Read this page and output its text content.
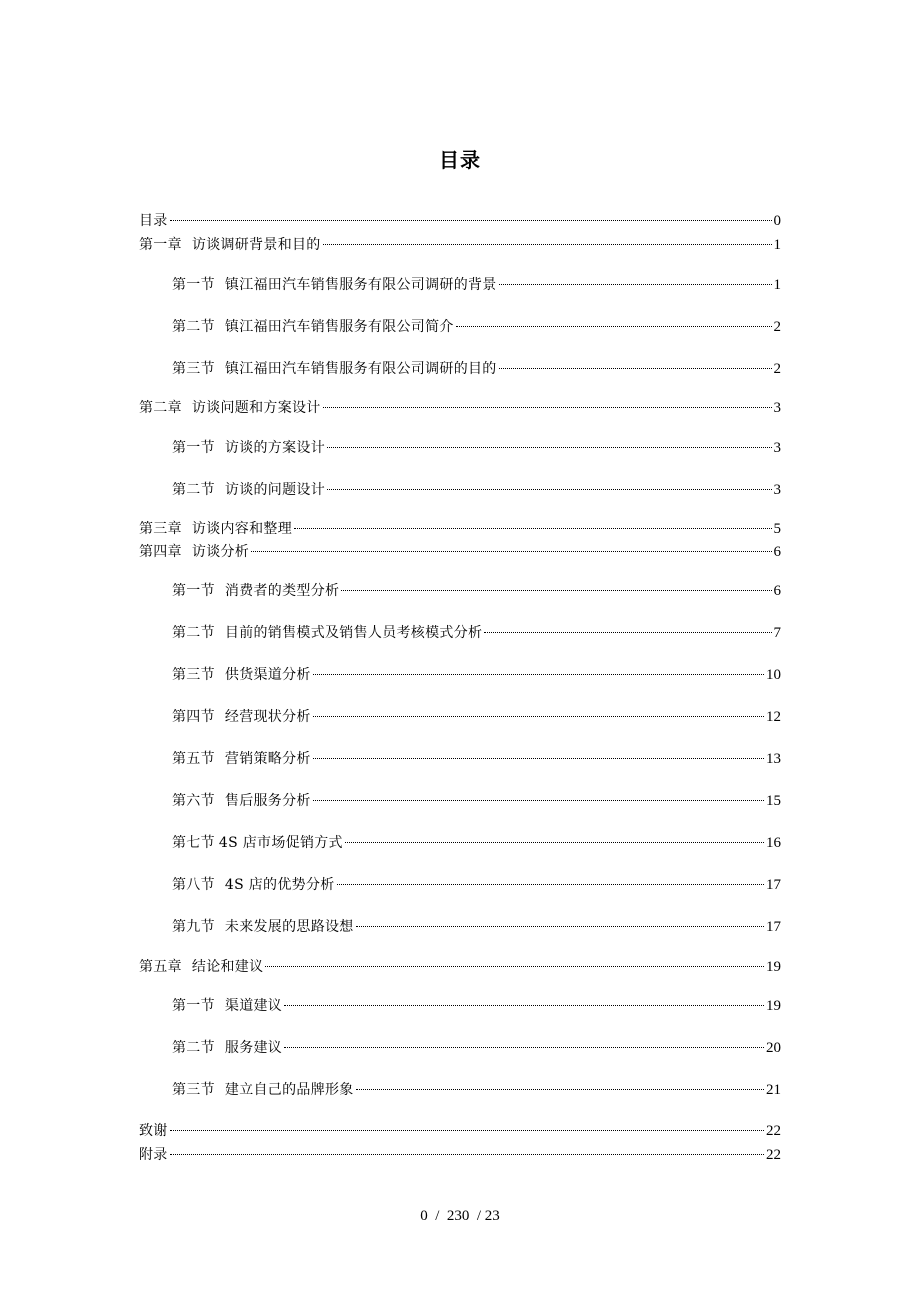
目录
目录	0
第一章 访谈调研背景和目的	1
第一节 镇江福田汽车销售服务有限公司调研的背景	1
第二节 镇江福田汽车销售服务有限公司简介	2
第三节 镇江福田汽车销售服务有限公司调研的目的	2
第二章 访谈问题和方案设计	3
第一节 访谈的方案设计	3
第二节 访谈的问题设计	3
第三章 访谈内容和整理	5
第四章 访谈分析	6
第一节 消费者的类型分析	6
第二节 目前的销售模式及销售人员考核模式分析	7
第三节 供货渠道分析	10
第四节 经营现状分析	12
第五节 营销策略分析	13
第六节 售后服务分析	15
第七节 4S 店市场促销方式	16
第八节 4S 店的优势分析	17
第九节 未来发展的思路设想	17
第五章 结论和建议	19
第一节 渠道建议	19
第二节 服务建议	20
第三节 建立自己的品牌形象	21
致谢	22
附录	22
0  /  230  / 23
